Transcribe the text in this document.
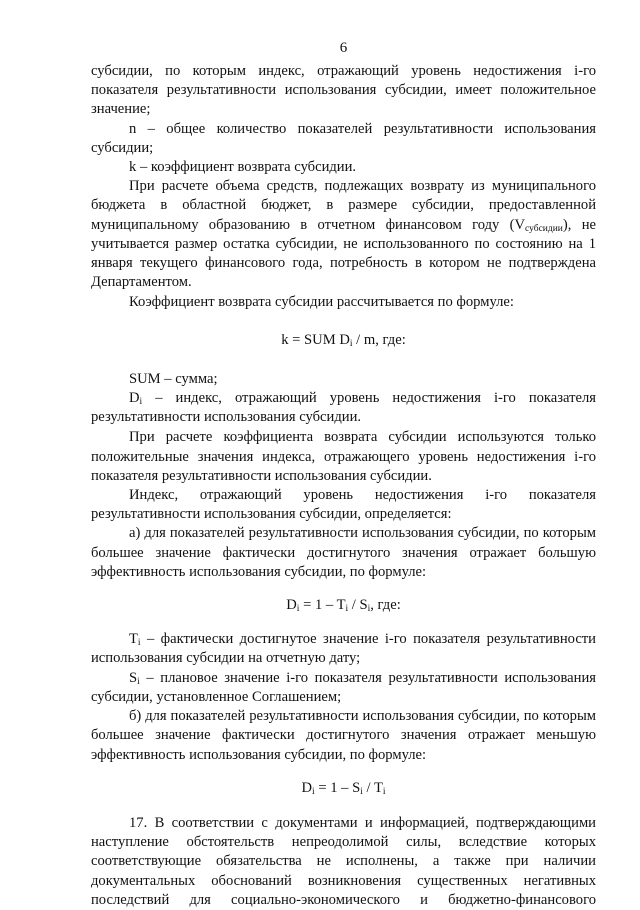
6

субсидии, по которым индекс, отражающий уровень недостижения i-го показателя результативности использования субсидии, имеет положительное значение;

n – общее количество показателей результативности использования субсидии;

k – коэффициент возврата субсидии.

При расчете объема средств, подлежащих возврату из муниципального бюджета в областной бюджет, в размере субсидии, предоставленной муниципальному образованию в отчетном финансовом году $(V_{субсидии})$, не учитывается размер остатка субсидии, не использованного по состоянию на 1 января текущего финансового года, потребность в котором не подтверждена Департаментом.

Коэффициент возврата субсидии рассчитывается по формуле:

k = SUM $D_i$ / m, где:

SUM – сумма;

$D_i$ – индекс, отражающий уровень недостижения i-го показателя результативности использования субсидии.

При расчете коэффициента возврата субсидии используются только положительные значения индекса, отражающего уровень недостижения i-го показателя результативности использования субсидии.

Индекс, отражающий уровень недостижения i-го показателя результативности использования субсидии, определяется:

а) для показателей результативности использования субсидии, по которым большее значение фактически достигнутого значения отражает большую эффективность использования субсидии, по формуле:

$D_i = 1 - T_i / S_i$, где:

$T_i$ – фактически достигнутое значение i-го показателя результативности использования субсидии на отчетную дату;

$S_i$ – плановое значение i-го показателя результативности использования субсидии, установленное Соглашением;

б) для показателей результативности использования субсидии, по которым большее значение фактически достигнутого значения отражает меньшую эффективность использования субсидии, по формуле:

$D_i = 1 - S_i / T_i$

17. В соответствии с документами и информацией, подтверждающими наступление обстоятельств непреодолимой силы, вследствие которых соответствующие обязательства не исполнены, а также при наличии документальных обоснований возникновения существенных негативных последствий для социально-экономического и бюджетно-финансового
